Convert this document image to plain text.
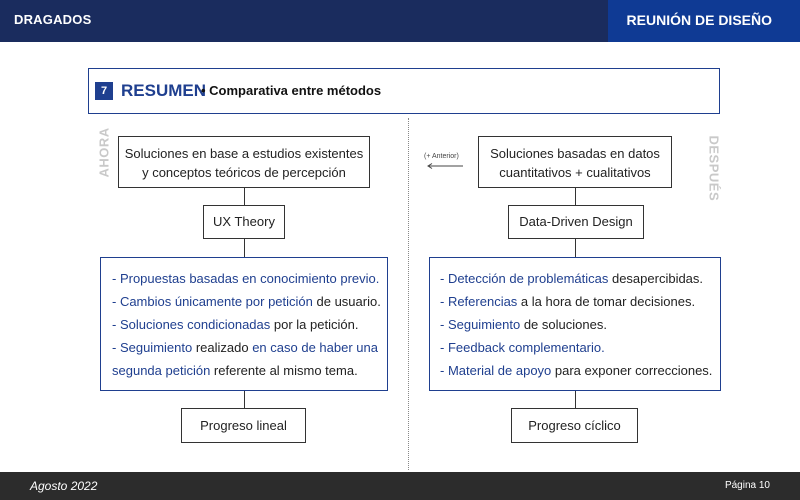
DRAGADOS	REUNIÓN DE DISEÑO
7 RESUMEN
• Comparativa entre métodos
AHORA	DESPUÉS
Soluciones en base a estudios existentes
y conceptos teóricos de percepción
UX Theory
- Propuestas basadas en conocimiento previo.
- Cambios únicamente por petición de usuario.
- Soluciones condicionadas por la petición.
- Seguimiento realizado en caso de haber una
segunda petición referente al mismo tema.
Progreso lineal
(+ Anterior)	Soluciones basadas en datos
cuantitativos + cualitativos
Data-Driven Design
- Detección de problemáticas desapercibidas.
- Referencias a la hora de tomar decisiones.
- Seguimiento de soluciones.
- Feedback complementario.
- Material de apoyo para exponer correcciones.
Progreso cíclico
Agosto 2022	Página 10
